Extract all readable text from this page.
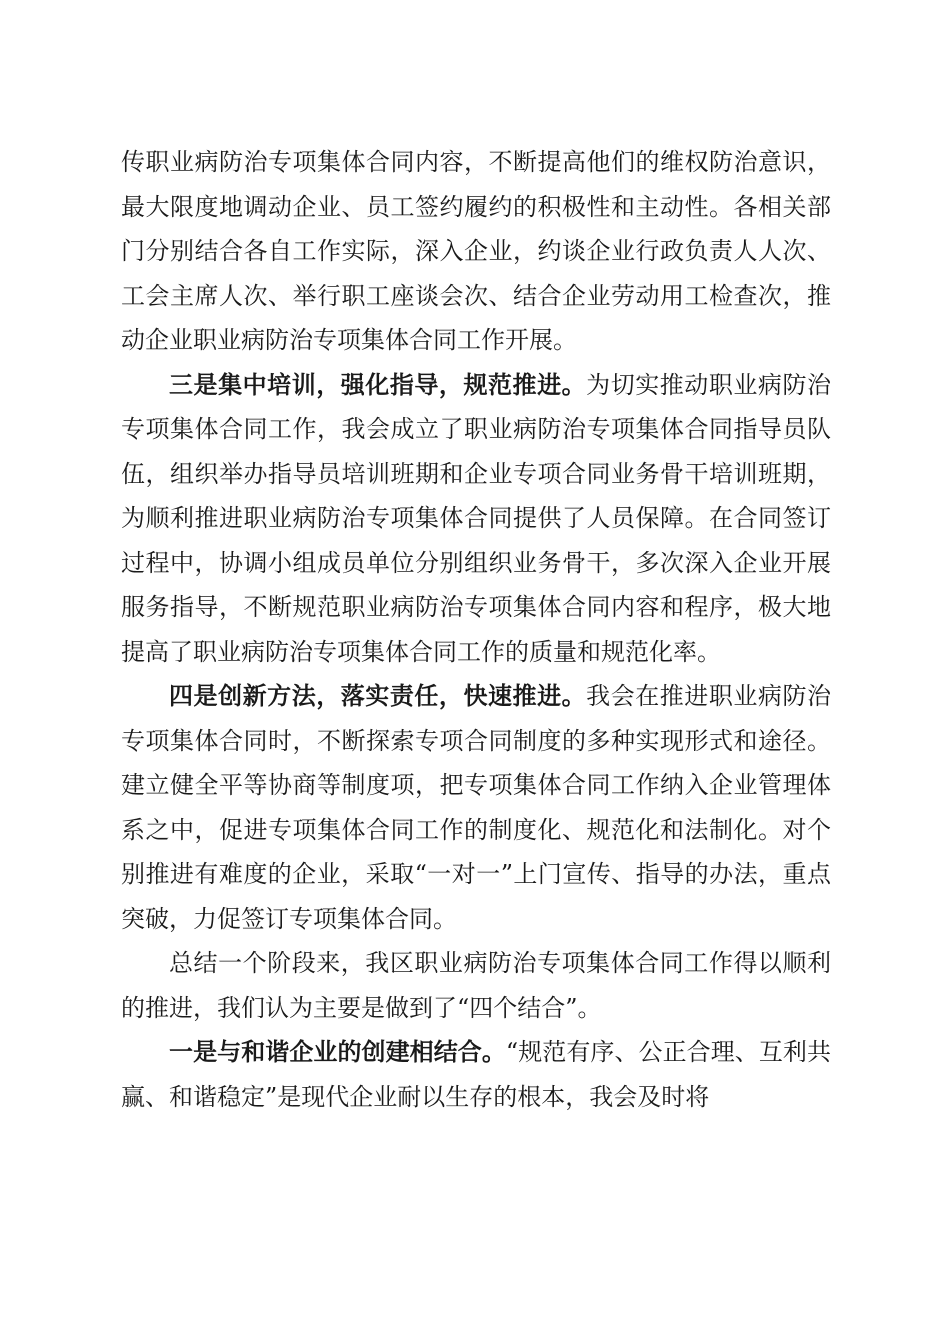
传职业病防治专项集体合同内容，不断提高他们的维权防治意识，最大限度地调动企业、员工签约履约的积极性和主动性。各相关部门分别结合各自工作实际，深入企业，约谈企业行政负责人人次、工会主席人次、举行职工座谈会次、结合企业劳动用工检查次，推动企业职业病防治专项集体合同工作开展。

三是集中培训，强化指导，规范推进。为切实推动职业病防治专项集体合同工作，我会成立了职业病防治专项集体合同指导员队伍，组织举办指导员培训班期和企业专项合同业务骨干培训班期，为顺利推进职业病防治专项集体合同提供了人员保障。在合同签订过程中，协调小组成员单位分别组织业务骨干，多次深入企业开展服务指导，不断规范职业病防治专项集体合同内容和程序，极大地提高了职业病防治专项集体合同工作的质量和规范化率。

四是创新方法，落实责任，快速推进。我会在推进职业病防治专项集体合同时，不断探索专项合同制度的多种实现形式和途径。建立健全平等协商等制度项，把专项集体合同工作纳入企业管理体系之中，促进专项集体合同工作的制度化、规范化和法制化。对个别推进有难度的企业，采取“一对一”上门宣传、指导的办法，重点突破，力促签订专项集体合同。

总结一个阶段来，我区职业病防治专项集体合同工作得以顺利的推进，我们认为主要是做到了“四个结合”。

一是与和谐企业的创建相结合。“规范有序、公正合理、互利共赢、和谐稳定”是现代企业耐以生存的根本，我会及时将
